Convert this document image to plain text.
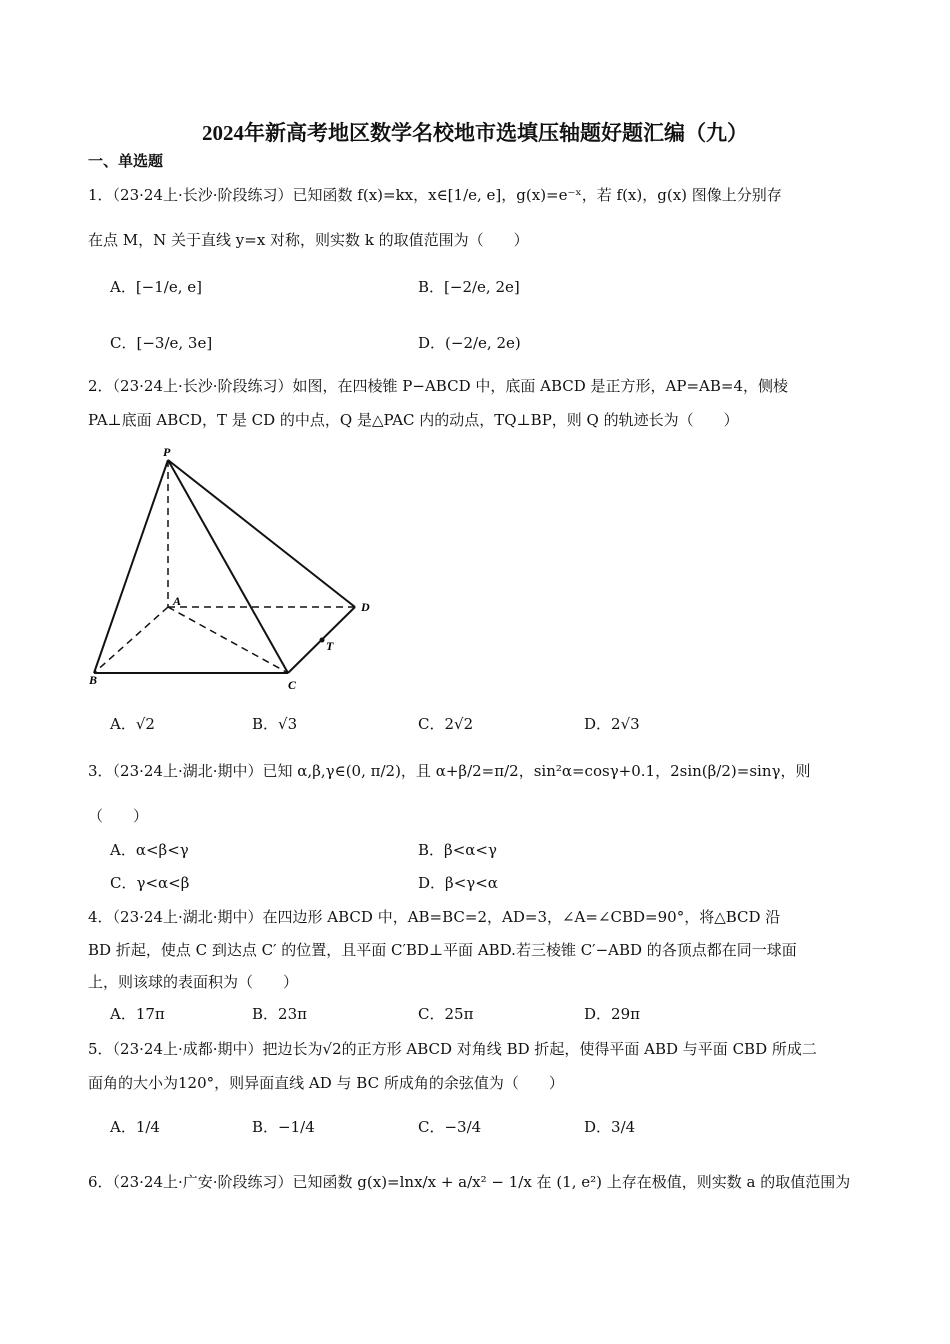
2024年新高考地区数学名校地市选填压轴题好题汇编（九）
一、单选题
1．（23·24上·长沙·阶段练习）已知函数 f(x)=kx，x∈[1/e, e]，g(x)=e⁻ˣ，若 f(x)，g(x) 图像上分别存
在点 M，N 关于直线 y=x 对称，则实数 k 的取值范围为（　　）
A．[−1/e, e]	B．[−2/e, 2e]
C．[−3/e, 3e]	D．(−2/e, 2e)
2．（23·24上·长沙·阶段练习）如图，在四棱锥 P−ABCD 中，底面 ABCD 是正方形，AP=AB=4，侧棱
PA⊥底面 ABCD，T 是 CD 的中点，Q 是△PAC 内的动点，TQ⊥BP，则 Q 的轨迹长为（　　）
P
A	D
T
B	C
A．√2	B．√3	C．2√2	D．2√3
3．（23·24上·湖北·期中）已知 α,β,γ∈(0, π/2)，且 α+β/2=π/2，sin²α=cosγ+0.1，2sin(β/2)=sinγ，则
（　　）
A．α<β<γ	B．β<α<γ
C．γ<α<β	D．β<γ<α
4．（23·24上·湖北·期中）在四边形 ABCD 中，AB=BC=2，AD=3，∠A=∠CBD=90°，将△BCD 沿
BD 折起，使点 C 到达点 C′ 的位置，且平面 C′BD⊥平面 ABD.若三棱锥 C′−ABD 的各顶点都在同一球面
上，则该球的表面积为（　　）
A．17π	B．23π	C．25π	D．29π
5．（23·24上·成都·期中）把边长为√2的正方形 ABCD 对角线 BD 折起，使得平面 ABD 与平面 CBD 所成二
面角的大小为120°，则异面直线 AD 与 BC 所成角的余弦值为（　　）
A．1/4	B．−1/4	C．−3/4	D．3/4
6．（23·24上·广安·阶段练习）已知函数 g(x)=lnx/x + a/x² − 1/x 在 (1, e²) 上存在极值，则实数 a 的取值范围为
